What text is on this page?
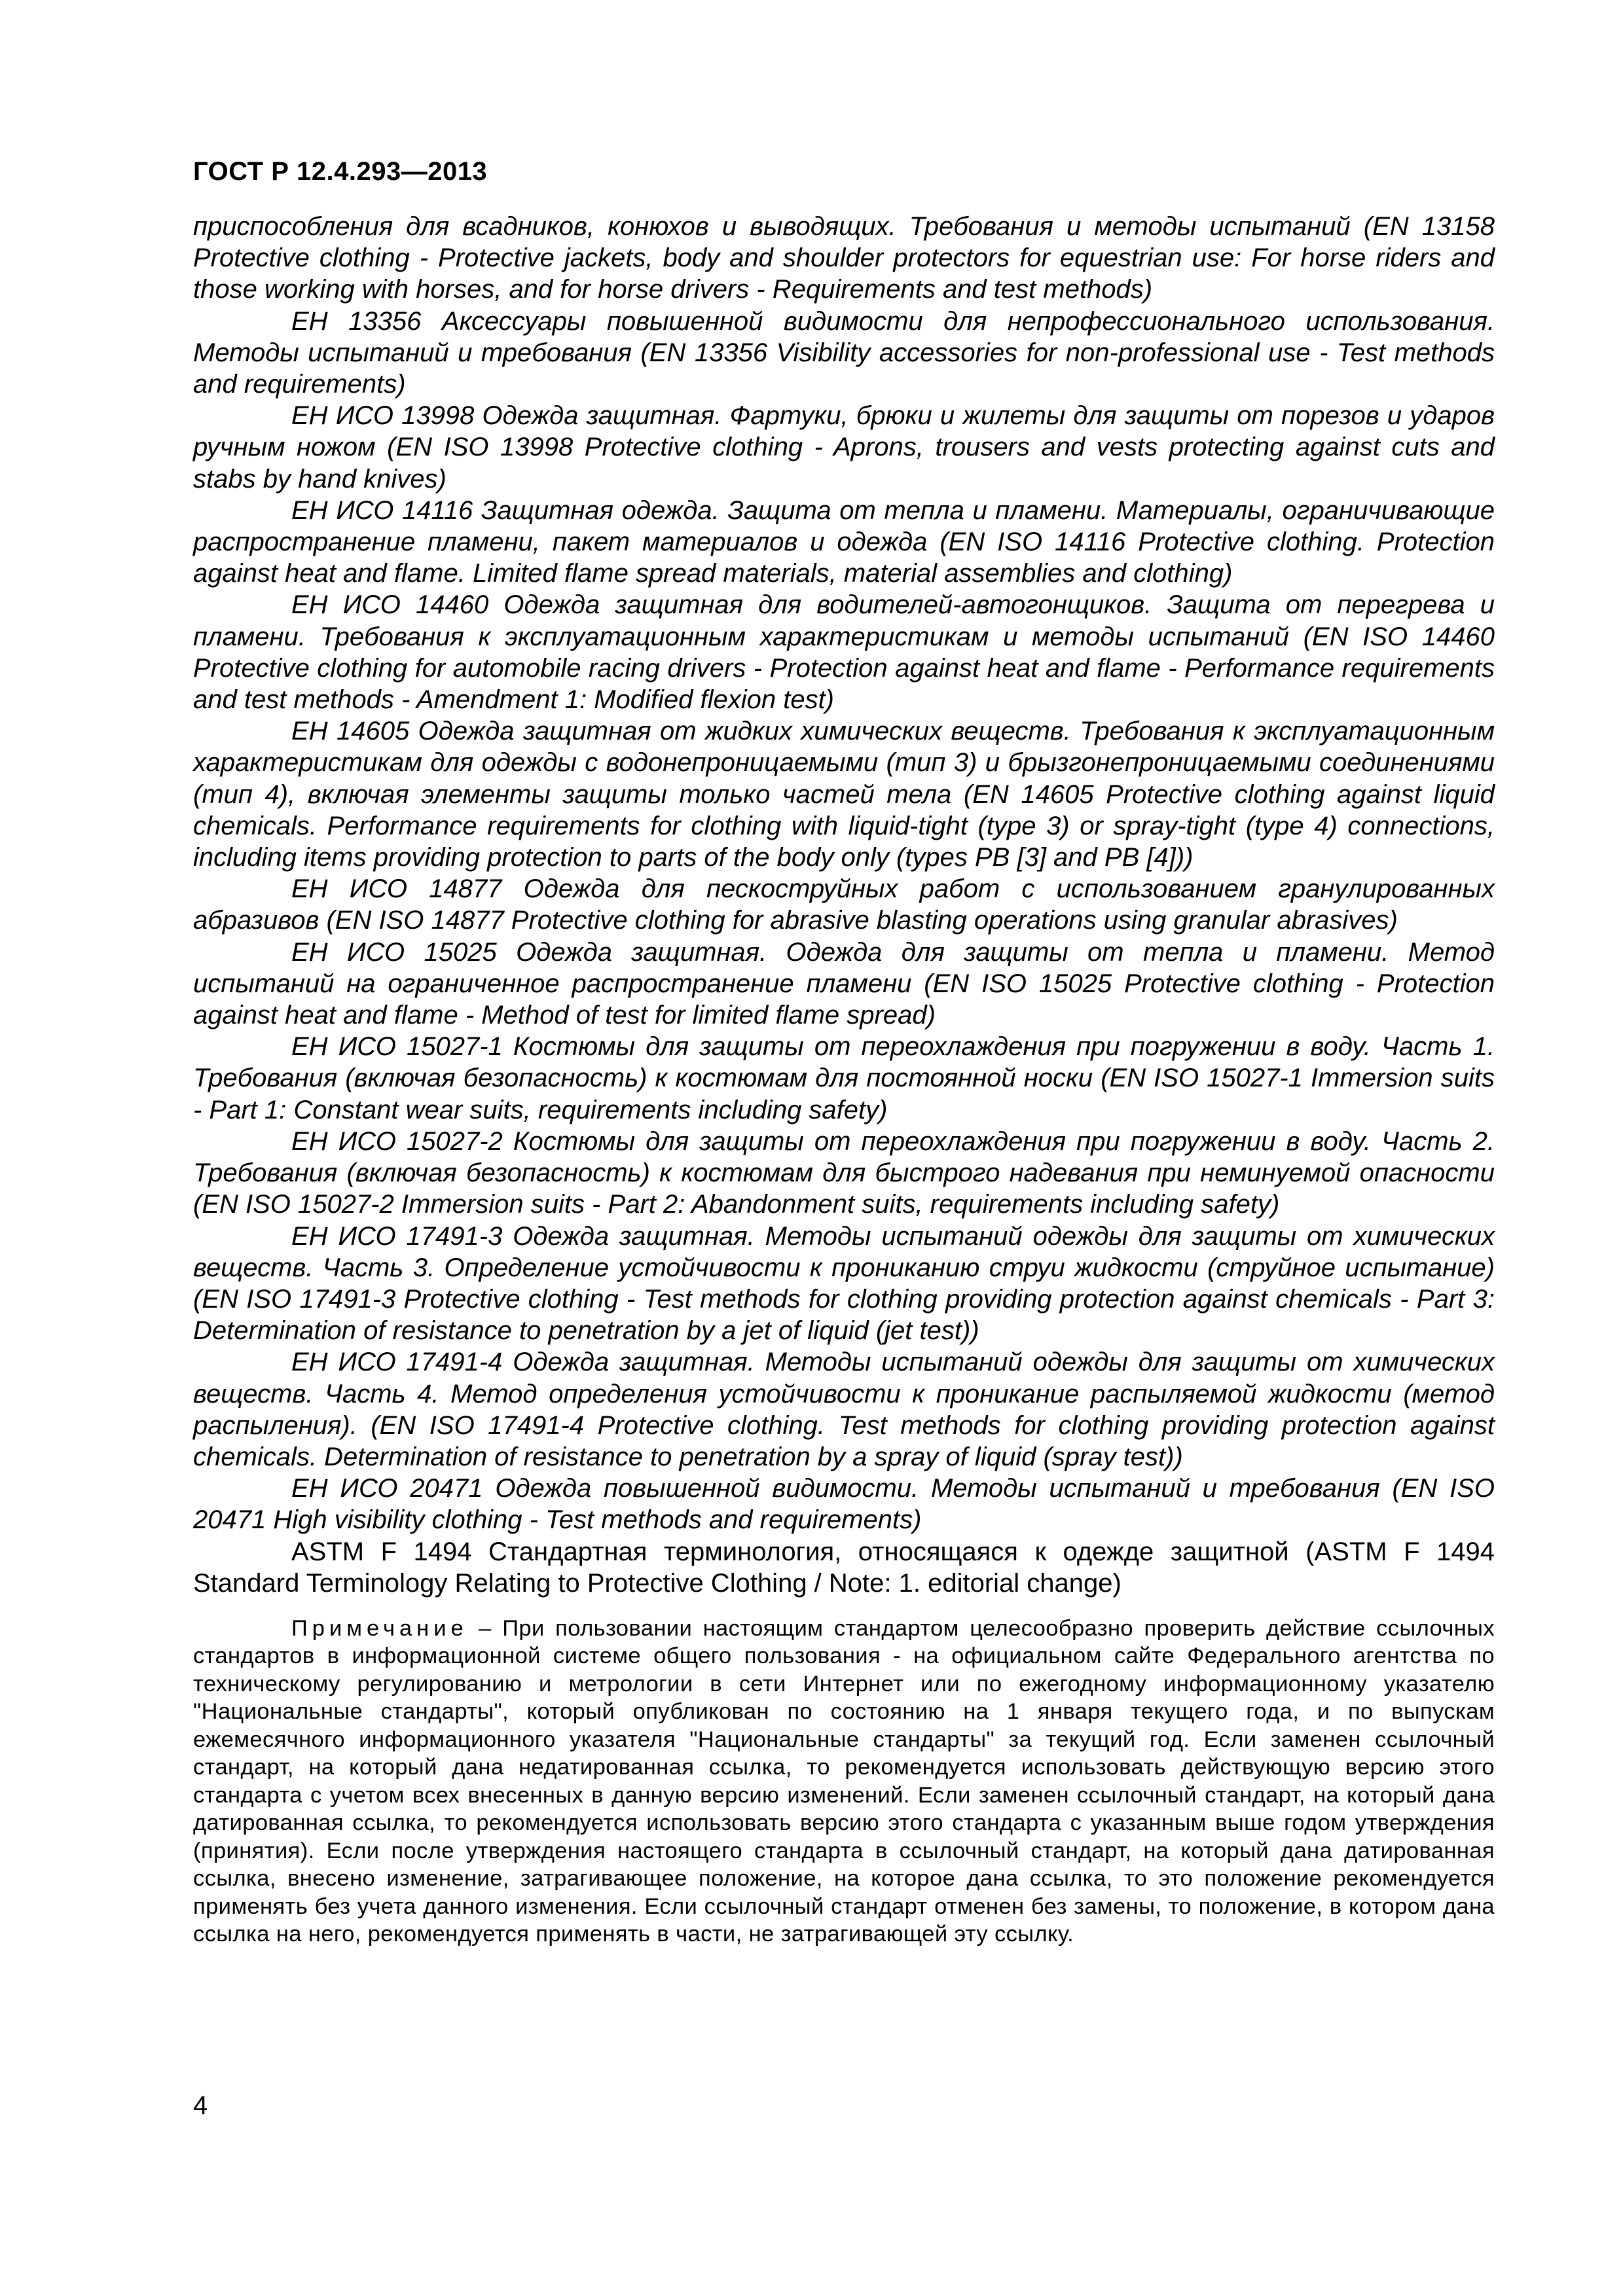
ГОСТ Р 12.4.293—2013

приспособления для всадников, конюхов и выводящих. Требования и методы испытаний (EN 13158 Protective clothing - Protective jackets, body and shoulder protectors for equestrian use: For horse riders and those working with horses, and for horse drivers - Requirements and test methods)

ЕН 13356 Аксессуары повышенной видимости для непрофессионального использования. Методы испытаний и требования (EN 13356 Visibility accessories for non-professional use - Test methods and requirements)

ЕН ИСО 13998 Одежда защитная. Фартуки, брюки и жилеты для защиты от порезов и ударов ручным ножом (EN ISO 13998 Protective clothing - Aprons, trousers and vests protecting against cuts and stabs by hand knives)

ЕН ИСО 14116 Защитная одежда. Защита от тепла и пламени. Материалы, ограничивающие распространение пламени, пакет материалов и одежда (EN ISO 14116 Protective clothing. Protection against heat and flame. Limited flame spread materials, material assemblies and clothing)

ЕН ИСО 14460 Одежда защитная для водителей-автогонщиков. Защита от перегрева и пламени. Требования к эксплуатационным характеристикам и методы испытаний (EN ISO 14460 Protective clothing for automobile racing drivers - Protection against heat and flame - Performance requirements and test methods - Amendment 1: Modified flexion test)

ЕН 14605 Одежда защитная от жидких химических веществ. Требования к эксплуатационным характеристикам для одежды с водонепроницаемыми (тип 3) и брызгонепроницаемыми соединениями (тип 4), включая элементы защиты только частей тела (EN 14605 Protective clothing against liquid chemicals. Performance requirements for clothing with liquid-tight (type 3) or spray-tight (type 4) connections, including items providing protection to parts of the body only (types PB [3] and PB [4]))

ЕН ИСО 14877 Одежда для пескоструйных работ с использованием гранулированных абразивов (EN ISO 14877 Protective clothing for abrasive blasting operations using granular abrasives)

ЕН ИСО 15025 Одежда защитная. Одежда для защиты от тепла и пламени. Метод испытаний на ограниченное распространение пламени (EN ISO 15025 Protective clothing - Protection against heat and flame - Method of test for limited flame spread)

ЕН ИСО 15027-1 Костюмы для защиты от переохлаждения при погружении в воду. Часть 1. Требования (включая безопасность) к костюмам для постоянной носки (EN ISO 15027-1 Immersion suits - Part 1: Constant wear suits, requirements including safety)

ЕН ИСО 15027-2 Костюмы для защиты от переохлаждения при погружении в воду. Часть 2. Требования (включая безопасность) к костюмам для быстрого надевания при неминуемой опасности (EN ISO 15027-2 Immersion suits - Part 2: Abandonment suits, requirements including safety)

ЕН ИСО 17491-3 Одежда защитная. Методы испытаний одежды для защиты от химических веществ. Часть 3. Определение устойчивости к прониканию струи жидкости (струйное испытание) (EN ISO 17491-3 Protective clothing - Test methods for clothing providing protection against chemicals - Part 3: Determination of resistance to penetration by a jet of liquid (jet test))

ЕН ИСО 17491-4 Одежда защитная. Методы испытаний одежды для защиты от химических веществ. Часть 4. Метод определения устойчивости к проникание распыляемой жидкости (метод распыления). (EN ISO 17491-4 Protective clothing. Test methods for clothing providing protection against chemicals. Determination of resistance to penetration by a spray of liquid (spray test))

ЕН ИСО 20471 Одежда повышенной видимости. Методы испытаний и требования (EN ISO 20471 High visibility clothing - Test methods and requirements)

ASTM F 1494 Стандартная терминология, относящаяся к одежде защитной (ASTM F 1494 Standard Terminology Relating to Protective Clothing / Note: 1. editorial change)

Примечание – При пользовании настоящим стандартом целесообразно проверить действие ссылочных стандартов в информационной системе общего пользования - на официальном сайте Федерального агентства по техническому регулированию и метрологии в сети Интернет или по ежегодному информационному указателю "Национальные стандарты", который опубликован по состоянию на 1 января текущего года, и по выпускам ежемесячного информационного указателя "Национальные стандарты" за текущий год. Если заменен ссылочный стандарт, на который дана недатированная ссылка, то рекомендуется использовать действующую версию этого стандарта с учетом всех внесенных в данную версию изменений. Если заменен ссылочный стандарт, на который дана датированная ссылка, то рекомендуется использовать версию этого стандарта с указанным выше годом утверждения (принятия). Если после утверждения настоящего стандарта в ссылочный стандарт, на который дана датированная ссылка, внесено изменение, затрагивающее положение, на которое дана ссылка, то это положение рекомендуется применять без учета данного изменения. Если ссылочный стандарт отменен без замены, то положение, в котором дана ссылка на него, рекомендуется применять в части, не затрагивающей эту ссылку.

4
